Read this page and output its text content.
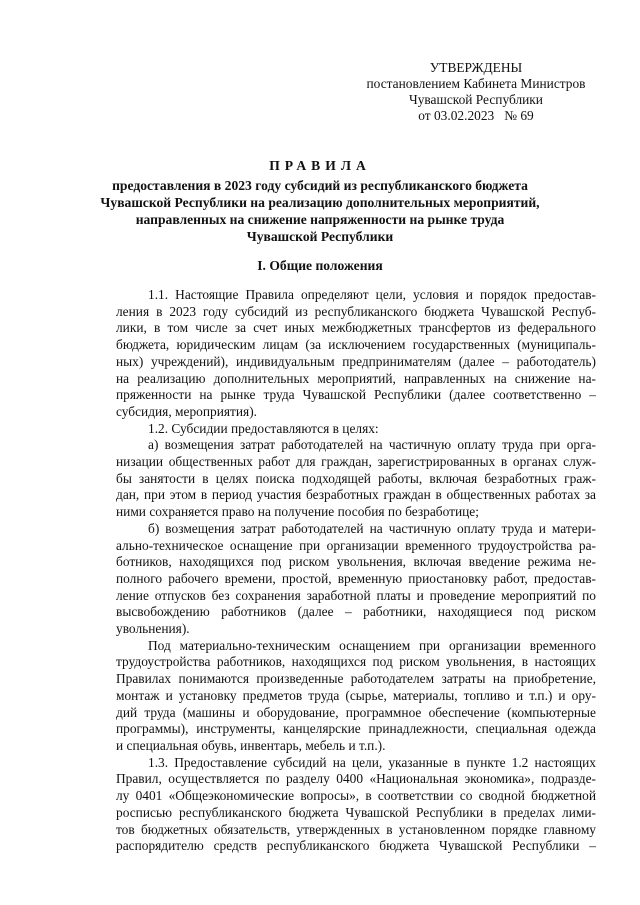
УТВЕРЖДЕНЫ
постановлением Кабинета Министров
Чувашской Республики
от 03.02.2023 № 69
ПРАВИЛА
предоставления в 2023 году субсидий из республиканского бюджета
Чувашской Республики на реализацию дополнительных мероприятий,
направленных на снижение напряженности на рынке труда
Чувашской Республики
I. Общие положения
1.1. Настоящие Правила определяют цели, условия и порядок предостав-
ления в 2023 году субсидий из республиканского бюджета Чувашской Респуб-
лики, в том числе за счет иных межбюджетных трансфертов из федерального
бюджета, юридическим лицам (за исключением государственных (муниципаль-
ных) учреждений), индивидуальным предпринимателям (далее – работодатель)
на реализацию дополнительных мероприятий, направленных на снижение на-
пряженности на рынке труда Чувашской Республики (далее соответственно –
субсидия, мероприятия).
1.2. Субсидии предоставляются в целях:
а) возмещения затрат работодателей на частичную оплату труда при орга-
низации общественных работ для граждан, зарегистрированных в органах служ-
бы занятости в целях поиска подходящей работы, включая безработных граж-
дан, при этом в период участия безработных граждан в общественных работах за
ними сохраняется право на получение пособия по безработице;
б) возмещения затрат работодателей на частичную оплату труда и матери-
ально-техническое оснащение при организации временного трудоустройства ра-
ботников, находящихся под риском увольнения, включая введение режима не-
полного рабочего времени, простой, временную приостановку работ, предостав-
ление отпусков без сохранения заработной платы и проведение мероприятий по
высвобождению работников (далее – работники, находящиеся под риском
увольнения).
Под материально-техническим оснащением при организации временного
трудоустройства работников, находящихся под риском увольнения, в настоящих
Правилах понимаются произведенные работодателем затраты на приобретение,
монтаж и установку предметов труда (сырье, материалы, топливо и т.п.) и ору-
дий труда (машины и оборудование, программное обеспечение (компьютерные
программы), инструменты, канцелярские принадлежности, специальная одежда
и специальная обувь, инвентарь, мебель и т.п.).
1.3. Предоставление субсидий на цели, указанные в пункте 1.2 настоящих
Правил, осуществляется по разделу 0400 «Национальная экономика», подразде-
лу 0401 «Общеэкономические вопросы», в соответствии со сводной бюджетной
росписью республиканского бюджета Чувашской Республики в пределах лими-
тов бюджетных обязательств, утвержденных в установленном порядке главному
распорядителю средств республиканского бюджета Чувашской Республики –
